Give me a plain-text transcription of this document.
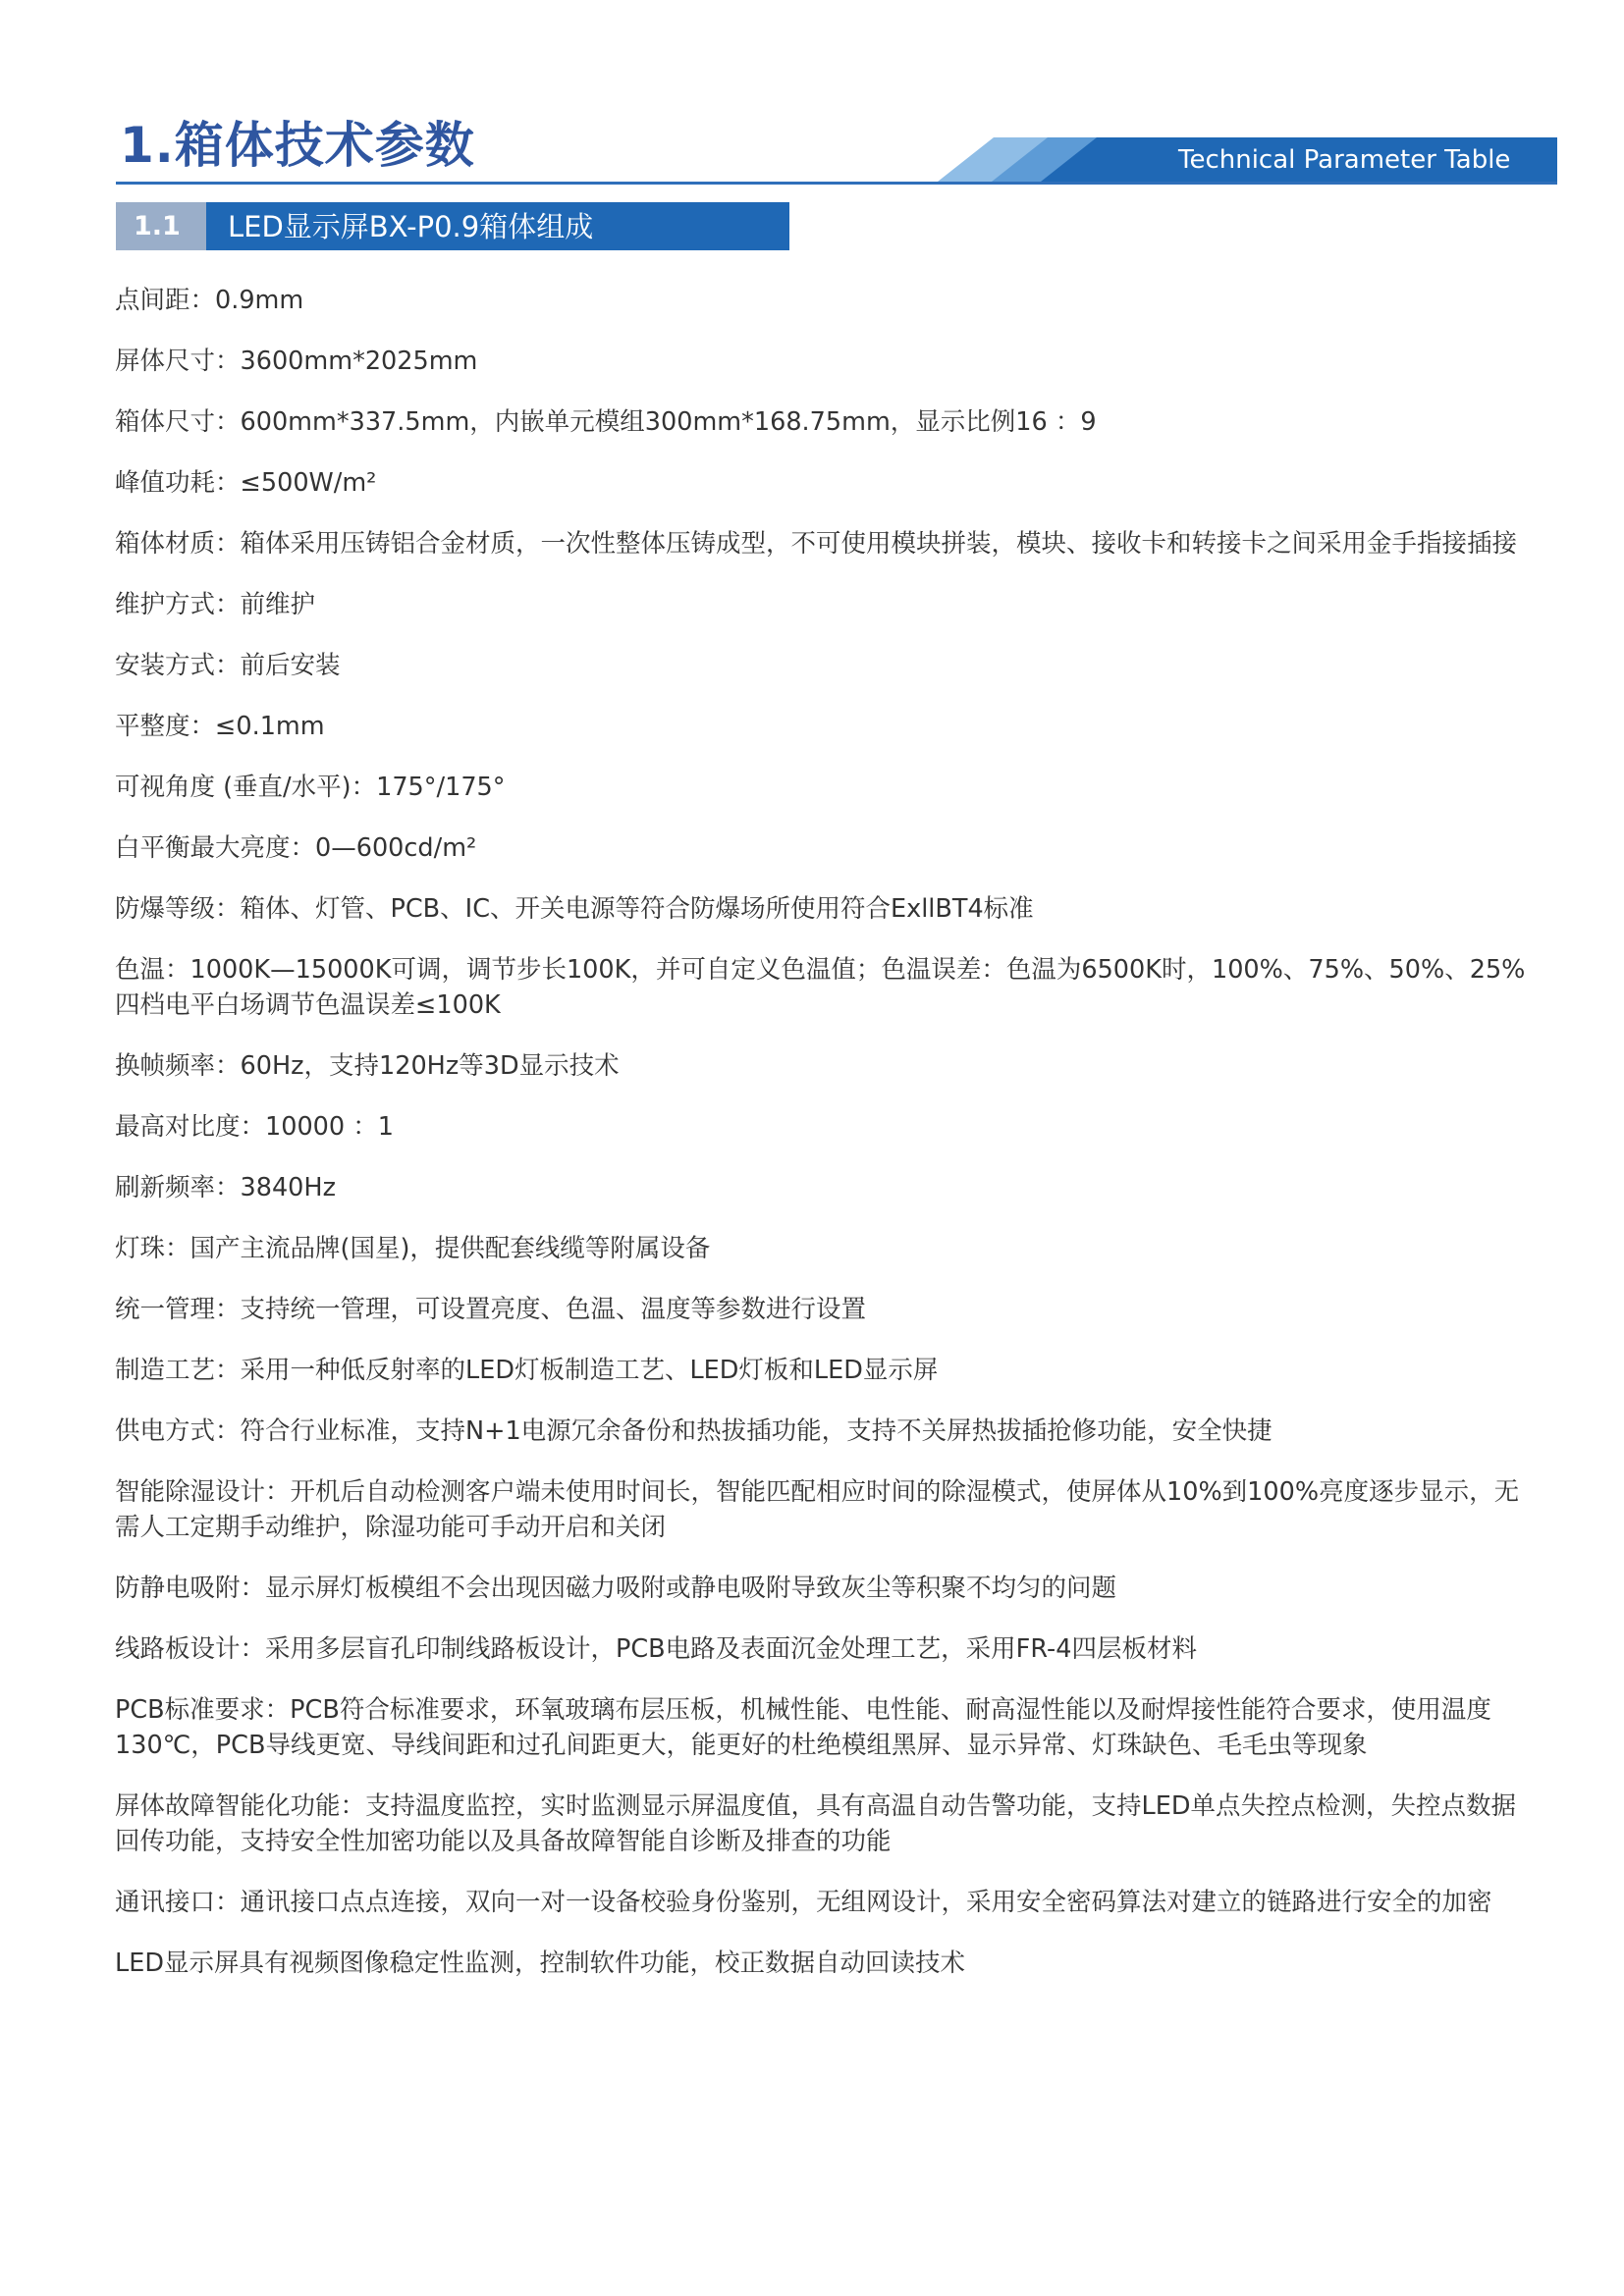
1.箱体技术参数	Technical Parameter Table
1.1 LED显示屏BX-P0.9箱体组成

点间距：0.9mm

屏体尺寸：3600mm*2025mm

箱体尺寸：600mm*337.5mm，内嵌单元模组300mm*168.75mm，显示比例16 ：9

峰值功耗：≤500W/m²

箱体材质：箱体采用压铸铝合金材质，一次性整体压铸成型，不可使用模块拼装，模块、接收卡和转接卡之间采用金手指接插接

维护方式：前维护

安装方式：前后安装

平整度：≤0.1mm

可视角度 (垂直/水平)：175°/175°

白平衡最大亮度：0—600cd/m²

防爆等级：箱体、灯管、PCB、IC、开关电源等符合防爆场所使用符合ExllBT4标准

色温：1000K—15000K可调，调节步长100K，并可自定义色温值；色温误差：色温为6500K时，100%、75%、50%、25%四档电平白场调节色温误差≤100K

换帧频率：60Hz，支持120Hz等3D显示技术

最高对比度：10000 ：1

刷新频率：3840Hz

灯珠：国产主流品牌(国星)，提供配套线缆等附属设备

统一管理：支持统一管理，可设置亮度、色温、温度等参数进行设置

制造工艺：采用一种低反射率的LED灯板制造工艺、LED灯板和LED显示屏

供电方式：符合行业标准，支持N+1电源冗余备份和热拔插功能，支持不关屏热拔插抢修功能，安全快捷

智能除湿设计：开机后自动检测客户端未使用时间长，智能匹配相应时间的除湿模式，使屏体从10%到100%亮度逐步显示，无需人工定期手动维护，除湿功能可手动开启和关闭

防静电吸附：显示屏灯板模组不会出现因磁力吸附或静电吸附导致灰尘等积聚不均匀的问题

线路板设计：采用多层盲孔印制线路板设计，PCB电路及表面沉金处理工艺，采用FR-4四层板材料

PCB标准要求：PCB符合标准要求，环氧玻璃布层压板，机械性能、电性能、耐高湿性能以及耐焊接性能符合要求，使用温度130℃，PCB导线更宽、导线间距和过孔间距更大，能更好的杜绝模组黑屏、显示异常、灯珠缺色、毛毛虫等现象

屏体故障智能化功能：支持温度监控，实时监测显示屏温度值，具有高温自动告警功能，支持LED单点失控点检测，失控点数据回传功能，支持安全性加密功能以及具备故障智能自诊断及排查的功能

通讯接口：通讯接口点点连接，双向一对一设备校验身份鉴别，无组网设计，采用安全密码算法对建立的链路进行安全的加密

LED显示屏具有视频图像稳定性监测，控制软件功能，校正数据自动回读技术
